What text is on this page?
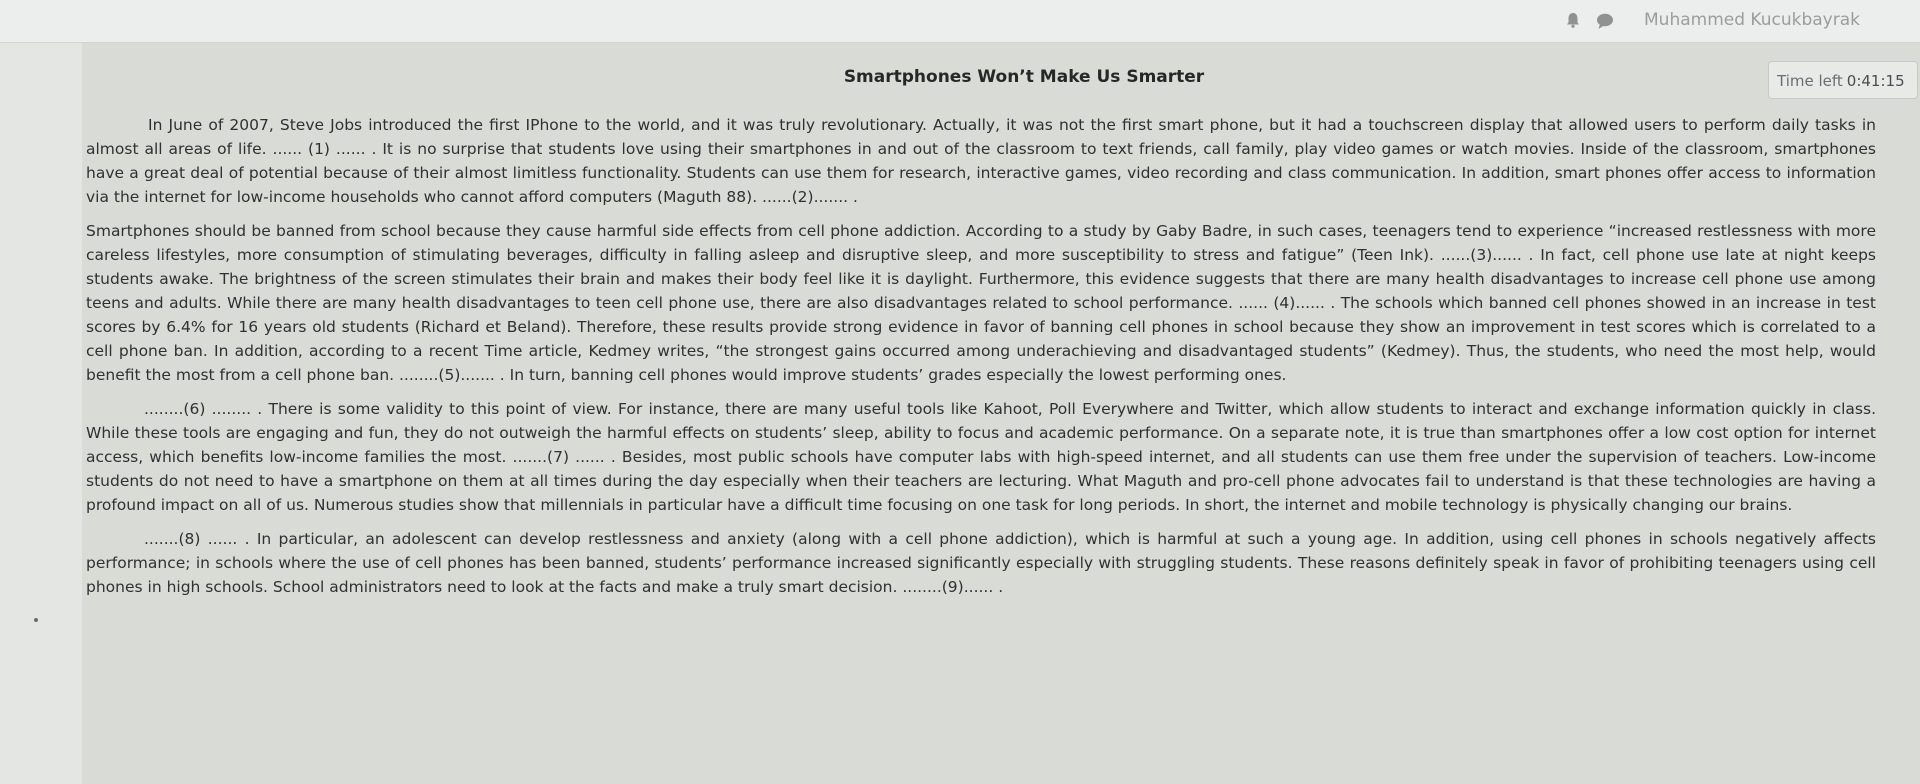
Muhammed Kucukbayrak
Smartphones Won’t Make Us Smarter	Time left 0:41:15

In June of 2007, Steve Jobs introduced the first IPhone to the world, and it was truly revolutionary. Actually, it was not the first smart phone, but it had a touchscreen display that allowed users to perform daily tasks in almost all areas of life. ...... (1) ...... . It is no surprise that students love using their smartphones in and out of the classroom to text friends, call family, play video games or watch movies. Inside of the classroom, smartphones have a great deal of potential because of their almost limitless functionality. Students can use them for research, interactive games, video recording and class communication. In addition, smart phones offer access to information via the internet for low-income households who cannot afford computers (Maguth 88). ......(2)....... .

Smartphones should be banned from school because they cause harmful side effects from cell phone addiction. According to a study by Gaby Badre, in such cases, teenagers tend to experience “increased restlessness with more careless lifestyles, more consumption of stimulating beverages, difficulty in falling asleep and disruptive sleep, and more susceptibility to stress and fatigue” (Teen Ink). ......(3)...... . In fact, cell phone use late at night keeps students awake. The brightness of the screen stimulates their brain and makes their body feel like it is daylight. Furthermore, this evidence suggests that there are many health disadvantages to increase cell phone use among teens and adults. While there are many health disadvantages to teen cell phone use, there are also disadvantages related to school performance. ...... (4)...... . The schools which banned cell phones showed in an increase in test scores by 6.4% for 16 years old students (Richard et Beland). Therefore, these results provide strong evidence in favor of banning cell phones in school because they show an improvement in test scores which is correlated to a cell phone ban. In addition, according to a recent Time article, Kedmey writes, “the strongest gains occurred among underachieving and disadvantaged students” (Kedmey). Thus, the students, who need the most help, would benefit the most from a cell phone ban. ........(5)....... . In turn, banning cell phones would improve students’ grades especially the lowest performing ones.

........(6) ........ . There is some validity to this point of view. For instance, there are many useful tools like Kahoot, Poll Everywhere and Twitter, which allow students to interact and exchange information quickly in class. While these tools are engaging and fun, they do not outweigh the harmful effects on students’ sleep, ability to focus and academic performance. On a separate note, it is true than smartphones offer a low cost option for internet access, which benefits low-income families the most. .......(7) ...... . Besides, most public schools have computer labs with high-speed internet, and all students can use them free under the supervision of teachers. Low-income students do not need to have a smartphone on them at all times during the day especially when their teachers are lecturing. What Maguth and pro-cell phone advocates fail to understand is that these technologies are having a profound impact on all of us. Numerous studies show that millennials in particular have a difficult time focusing on one task for long periods. In short, the internet and mobile technology is physically changing our brains.

.......(8) ...... . In particular, an adolescent can develop restlessness and anxiety (along with a cell phone addiction), which is harmful at such a young age. In addition, using cell phones in schools negatively affects performance; in schools where the use of cell phones has been banned, students’ performance increased significantly especially with struggling students. These reasons definitely speak in favor of prohibiting teenagers using cell phones in high schools. School administrators need to look at the facts and make a truly smart decision. ........(9)...... .
